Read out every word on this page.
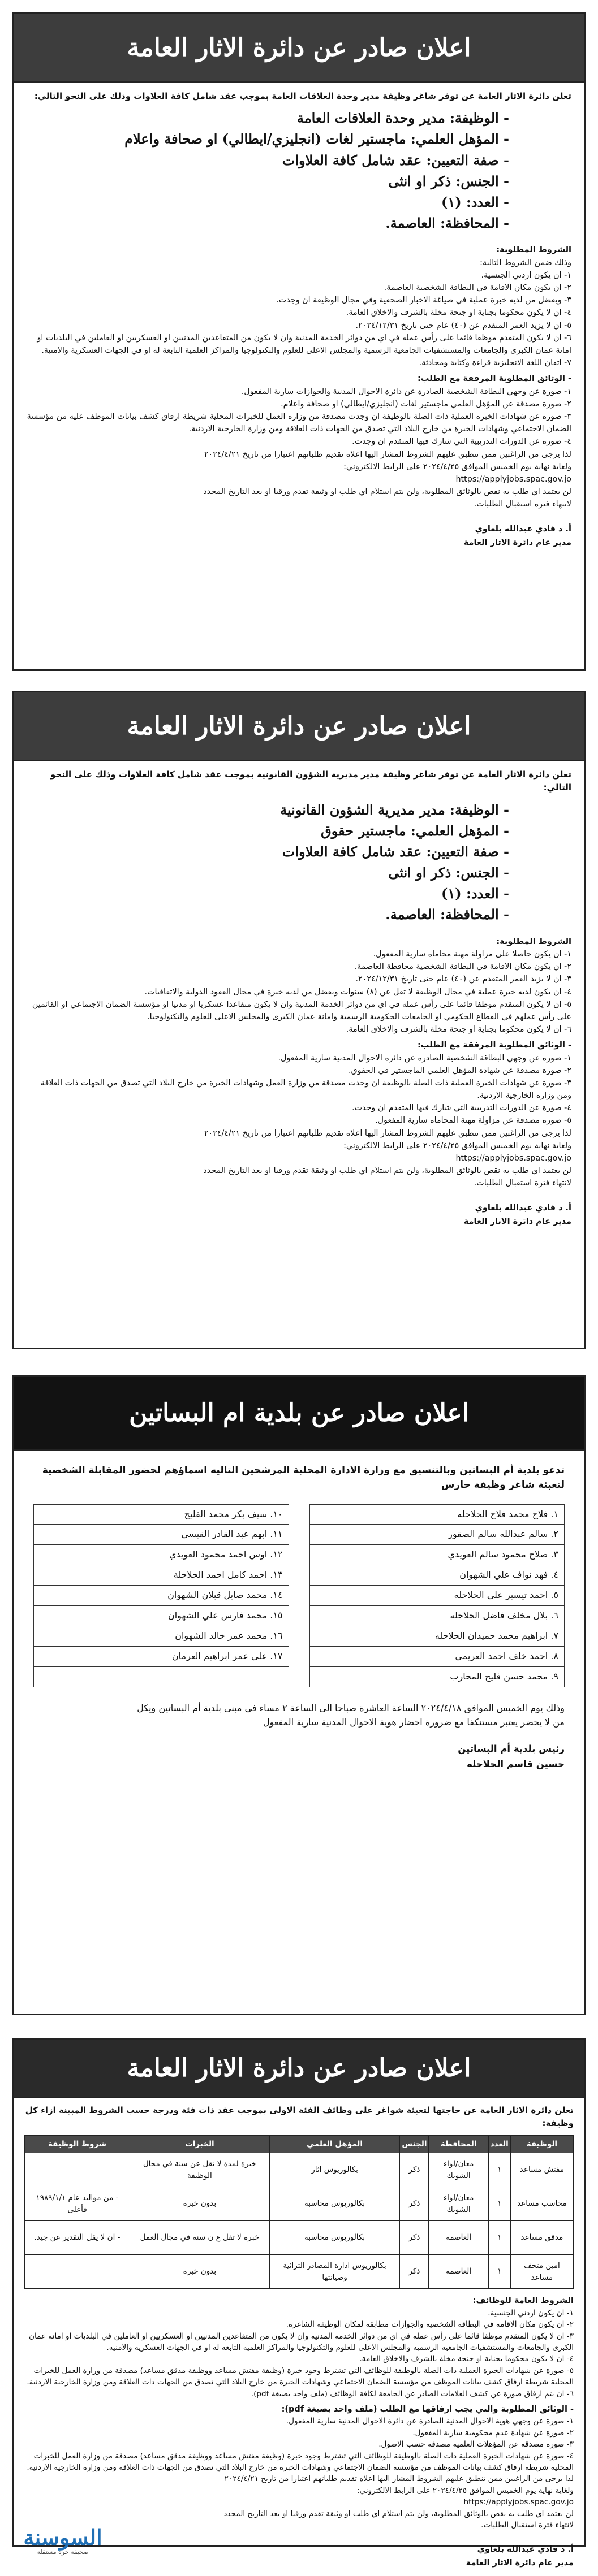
اعلان صادر عن دائرة الاثار العامة
تعلن دائرة الاثار العامة عن توفر شاغر وظيفة مدير وحدة العلاقات العامة بموجب عقد شامل كافة العلاوات وذلك على النحو التالي:
- الوظيفة: مدير وحدة العلاقات العامة
- المؤهل العلمي: ماجستير لغات (انجليزي/ايطالي) او صحافة واعلام
- صفة التعيين: عقد شامل كافة العلاوات
- الجنس: ذكر او انثى
- العدد: (١)
- المحافظة: العاصمة.
الشروط المطلوبة:
وذلك ضمن الشروط التالية:
١- ان يكون اردني الجنسية.
٢- ان يكون مكان الاقامة في البطاقة الشخصية العاصمة.
٣- ويفضل من لديه خبرة عملية في صياغة الاخبار الصحفية وفي مجال الوظيفة ان وجدت.
٤- ان لا يكون محكوما بجناية او جنحة مخلة بالشرف والاخلاق العامة.
٥- ان لا يزيد العمر المتقدم عن (٤٠) عام حتى تاريخ ٢٠٢٤/١٢/٣١.
٦- ان لا يكون المتقدم موظفا قائما على رأس عمله في اي من دوائر الخدمة المدنية وان لا يكون من المتقاعدين المدنيين او العسكريين او العاملين في البلديات او امانة عمان الكبرى والجامعات والمستشفيات الجامعية الرسمية والمجلس الاعلى للعلوم والتكنولوجيا والمراكز العلمية التابعة له او في الجهات العسكرية والامنية.
٧- اتقان اللغة الانجليزية قراءة وكتابة ومحادثة.
- الوثائق المطلوبة المرفقة مع الطلب:
١- صورة عن وجهي البطاقة الشخصية الصادرة عن دائرة الاحوال المدنية والجوازات سارية المفعول.
٢- صورة مصدقة عن المؤهل العلمي ماجستير لغات (انجليزي/ايطالي) او صحافة واعلام.
٣- صورة عن شهادات الخبرة العملية ذات الصلة بالوظيفة ان وجدت مصدقة من وزارة العمل للخبرات المحلية شريطة ارفاق كشف بيانات الموظف عليه من مؤسسة الضمان الاجتماعي وشهادات الخبرة من خارج البلاد التي تصدق من الجهات ذات العلاقة ومن وزارة الخارجية الاردنية.
٤- صورة عن الدورات التدريبية التي شارك فيها المتقدم ان وجدت.
لذا يرجى من الراغبين ممن تنطبق عليهم الشروط المشار اليها اعلاه تقديم طلباتهم اعتبارا من تاريخ ٢٠٢٤/٤/٢١
ولغاية نهاية يوم الخميس الموافق ٢٠٢٤/٤/٢٥ على الرابط الالكتروني:
https://applyjobs.spac.gov.jo
لن يعتمد اي طلب به نقص بالوثائق المطلوبة، ولن يتم استلام اي طلب او وثيقة تقدم ورقيا او بعد التاريخ المحدد
لانتهاء فترة استقبال الطلبات.
أ. د فادي عبدالله بلعاوي
مدير عام دائرة الاثار العامة
اعلان صادر عن دائرة الاثار العامة
تعلن دائرة الاثار العامة عن توفر شاغر وظيفة مدير مديرية الشؤون القانونية بموجب عقد شامل كافة العلاوات وذلك على النحو التالي:
- الوظيفة: مدير مديرية الشؤون القانونية
- المؤهل العلمي: ماجستير حقوق
- صفة التعيين: عقد شامل كافة العلاوات
- الجنس: ذكر او انثى
- العدد: (١)
- المحافظة: العاصمة.
الشروط المطلوبة:
١- ان يكون حاصلا على مزاولة مهنة محاماة سارية المفعول.
٢- ان يكون مكان الاقامة في البطاقة الشخصية محافظة العاصمة.
٣- ان لا يزيد العمر المتقدم عن (٤٠) عام حتى تاريخ ٢٠٢٤/١٢/٣١.
٤- ان يكون لديه خبرة عملية في مجال الوظيفة لا تقل عن (٨) سنوات ويفضل من لديه خبرة في مجال العقود الدولية والاتفاقيات.
٥- ان لا يكون المتقدم موظفا قائما على رأس عمله في اي من دوائر الخدمة المدنية وان لا يكون متقاعدا عسكريا او مدنيا او مؤسسة الضمان الاجتماعي او القائمين على رأس عملهم في القطاع الحكومي او الجامعات الحكومية الرسمية وامانة عمان الكبرى والمجلس الاعلى للعلوم والتكنولوجيا.
٦- ان لا يكون محكوما بجناية او جنحة مخلة بالشرف والاخلاق العامة.
- الوثائق المطلوبة المرفقة مع الطلب:
١- صورة عن وجهي البطاقة الشخصية الصادرة عن دائرة الاحوال المدنية سارية المفعول.
٢- صورة مصدقة عن شهادة المؤهل العلمي الماجستير في الحقوق.
٣- صورة عن شهادات الخبرة العملية ذات الصلة بالوظيفة ان وجدت مصدقة من وزارة العمل وشهادات الخبرة من خارج البلاد التي تصدق من الجهات ذات العلاقة ومن وزارة الخارجية الاردنية.
٤- صورة عن الدورات التدريبية التي شارك فيها المتقدم ان وجدت.
٥- صورة مصدقة عن مزاولة مهنة المحاماة سارية المفعول.
لذا يرجى من الراغبين ممن تنطبق عليهم الشروط المشار اليها اعلاه تقديم طلباتهم اعتبارا من تاريخ ٢٠٢٤/٤/٢١
ولغاية نهاية يوم الخميس الموافق ٢٠٢٤/٤/٢٥ على الرابط الالكتروني:
https://applyjobs.spac.gov.jo
لن يعتمد اي طلب به نقص بالوثائق المطلوبة، ولن يتم استلام اي طلب او وثيقة تقدم ورقيا او بعد التاريخ المحدد
لانتهاء فترة استقبال الطلبات.
أ. د فادي عبدالله بلعاوي
مدير عام دائرة الاثار العامة
اعلان صادر عن بلدية ام البساتين
تدعو بلدية أم البساتين وبالتنسيق مع وزارة الادارة المحلية المرشحين التاليه اسماؤهم لحضور المقابلة الشخصية لتعبئة شاغر وظيفة حارس
١. فلاح محمد فلاح الحلاحله
٢. سالم عبدالله سالم الصقور
٣. صلاح محمود سالم العويدي
٤. فهد نواف علي الشهوان
٥. احمد تيسير علي الحلاحله
٦. بلال مخلف فاضل الحلاحله
٧. ابراهيم محمد حميدان الحلاحله
٨. احمد خلف احمد العريمي
٩. محمد حسن فليح المحارب
١٠. سيف بكر محمد الفليح
١١. ابهم عبد القادر القيسي
١٢. اوس احمد محمود العويدي
١٣. احمد كامل احمد الحلاحلة
١٤. محمد صايل قبلان الشهوان
١٥. محمد فارس علي الشهوان
١٦. محمد عمر خالد الشهوان
١٧. علي عمر ابراهيم العرمان
وذلك يوم الخميس الموافق ٢٠٢٤/٤/١٨ الساعة العاشرة صباحا الى الساعة ٢ مساء في مبنى بلدية أم البساتين ويكل
من لا يحضر يعتبر مستنكفا مع ضرورة احضار هوية الاحوال المدنية سارية المفعول
رئيس بلدية أم البساتين
حسين قاسم الحلاحله
اعلان صادر عن دائرة الاثار العامة
تعلن دائرة الاثار العامة عن حاجتها لتعبئة شواغر على وظائف الفئة الاولى بموجب عقد ذات فئة ودرجة حسب الشروط المبينة ازاء كل وظيفة:
الوظيفة	العدد	المحافظة	الجنس	المؤهل العلمي	الخبرات	شروط الوظيفة
مفتش مساعد	١	معان/لواء الشوبك	ذكر	بكالوريوس اثار	خبرة لمدة لا تقل عن سنة في مجال الوظيفة	
محاسب مساعد	١	معان/لواء الشوبك	ذكر	بكالوريوس محاسبة	بدون خبرة	- من مواليد عام ١٩٨٩/١/١ فأعلى
مدقق مساعد	١	العاصمة	ذكر	بكالوريوس محاسبة	خبرة لا تقل ع ن سنة في مجال العمل	- ان لا يقل التقدير عن جيد.
امين متحف مساعد	١	العاصمة	ذكر	بكالوريوس ادارة المصادر التراثية وصيانتها	بدون خبرة	
الشروط العامة للوظائف:
١- ان يكون اردني الجنسية.
٢- ان يكون مكان الاقامة في البطاقة الشخصية والجوازات مطابقة لمكان الوظيفة الشاغرة.
٣- ان لا يكون المتقدم موظفا قائما على رأس عمله في اي من دوائر الخدمة المدنية وان لا يكون من المتقاعدين المدنيين او العسكريين او العاملين في البلديات او امانة عمان الكبرى والجامعات والمستشفيات الجامعية الرسمية والمجلس الاعلى للعلوم والتكنولوجيا والمراكز العلمية التابعة له او في الجهات العسكرية والامنية.
٤- ان لا يكون محكوما بجناية او جنحة مخلة بالشرف والاخلاق العامة.
٥- صورة عن شهادات الخبرة العملية ذات الصلة بالوظيفة للوظائف التي تشترط وجود خبرة (وظيفة مفتش مساعد ووظيفة مدقق مساعد) مصدقة من وزارة العمل للخبرات المحلية شريطة ارفاق كشف بيانات الموظف من مؤسسة الضمان الاجتماعي وشهادات الخبرة من خارج البلاد التي تصدق من الجهات ذات العلاقة ومن وزارة الخارجية الاردنية.
٦- ان يتم ارفاق صورة عن كشف العلامات الصادر عن الجامعة لكافة الوظائف (ملف واحد بصيغة pdf).
- الوثائق المطلوبة والتي يجب ارفاقها مع الطلب (ملف واحد بصيغة pdf):
١- صورة عن وجهي هوية الاحوال المدنية الصادرة عن دائرة الاحوال المدنية سارية المفعول.
٢- صورة عن شهادة عدم محكومية سارية المفعول.
٣- صورة مصدقة عن المؤهلات العلمية مصدقة حسب الاصول.
٤- صورة عن شهادات الخبرة العملية ذات الصلة بالوظيفة للوظائف التي تشترط وجود خبرة (وظيفة مفتش مساعد ووظيفة مدقق مساعد) مصدقة من وزارة العمل للخبرات المحلية شريطة ارفاق كشف بيانات الموظف من مؤسسة الضمان الاجتماعي وشهادات الخبرة من خارج البلاد التي تصدق من الجهات ذات العلاقة ومن وزارة الخارجية الاردنية.
لذا يرجى من الراغبين ممن تنطبق عليهم الشروط المشار اليها اعلاه تقديم طلباتهم اعتبارا من تاريخ ٢٠٢٤/٤/٢١
ولغاية نهاية يوم الخميس الموافق ٢٠٢٤/٤/٢٥ على الرابط الالكتروني:
https://applyjobs.spac.gov.jo
لن يعتمد اي طلب به نقص بالوثائق المطلوبة، ولن يتم استلام اي طلب او وثيقة تقدم ورقيا او بعد التاريخ المحدد
لانتهاء فترة استقبال الطلبات.
أ. د فادي عبدالله بلعاوي
مدير عام دائرة الاثار العامة
السوسنة
صحيفة حرة مستقلة
